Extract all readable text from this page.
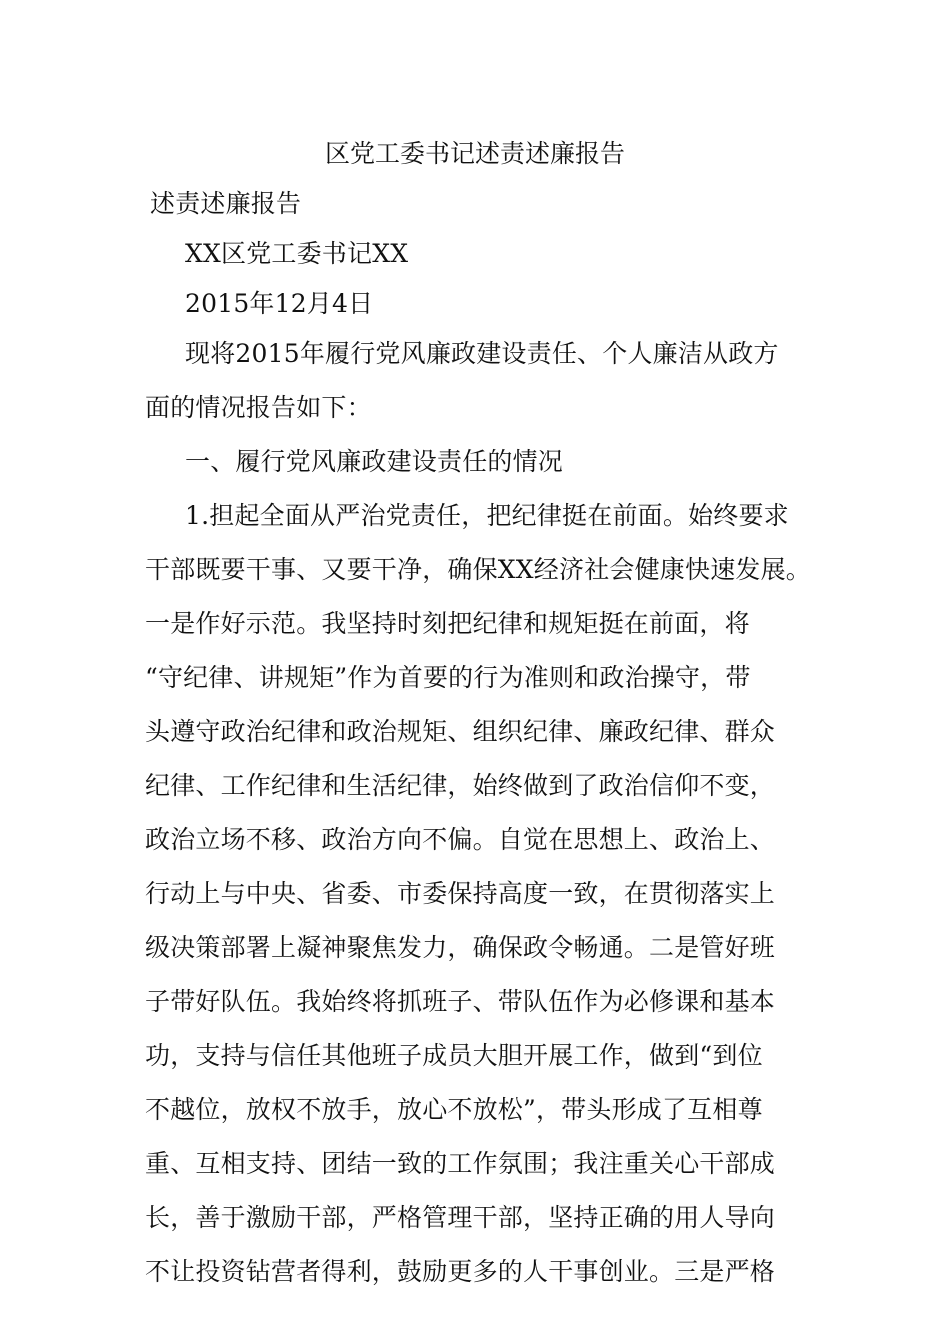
区党工委书记述责述廉报告
述责述廉报告
XX区党工委书记XX
2015年12月4日
现将2015年履行党风廉政建设责任、个人廉洁从政方
面的情况报告如下：
一、履行党风廉政建设责任的情况
1.担起全面从严治党责任，把纪律挺在前面。始终要求
干部既要干事、又要干净，确保XX经济社会健康快速发展。
一是作好示范。我坚持时刻把纪律和规矩挺在前面，将
“守纪律、讲规矩”作为首要的行为准则和政治操守，带
头遵守政治纪律和政治规矩、组织纪律、廉政纪律、群众
纪律、工作纪律和生活纪律，始终做到了政治信仰不变，
政治立场不移、政治方向不偏。自觉在思想上、政治上、
行动上与中央、省委、市委保持高度一致，在贯彻落实上
级决策部署上凝神聚焦发力，确保政令畅通。二是管好班
子带好队伍。我始终将抓班子、带队伍作为必修课和基本
功，支持与信任其他班子成员大胆开展工作，做到“到位
不越位，放权不放手，放心不放松”，带头形成了互相尊
重、互相支持、团结一致的工作氛围；我注重关心干部成
长，善于激励干部，严格管理干部，坚持正确的用人导向
不让投资钻营者得利，鼓励更多的人干事创业。三是严格
